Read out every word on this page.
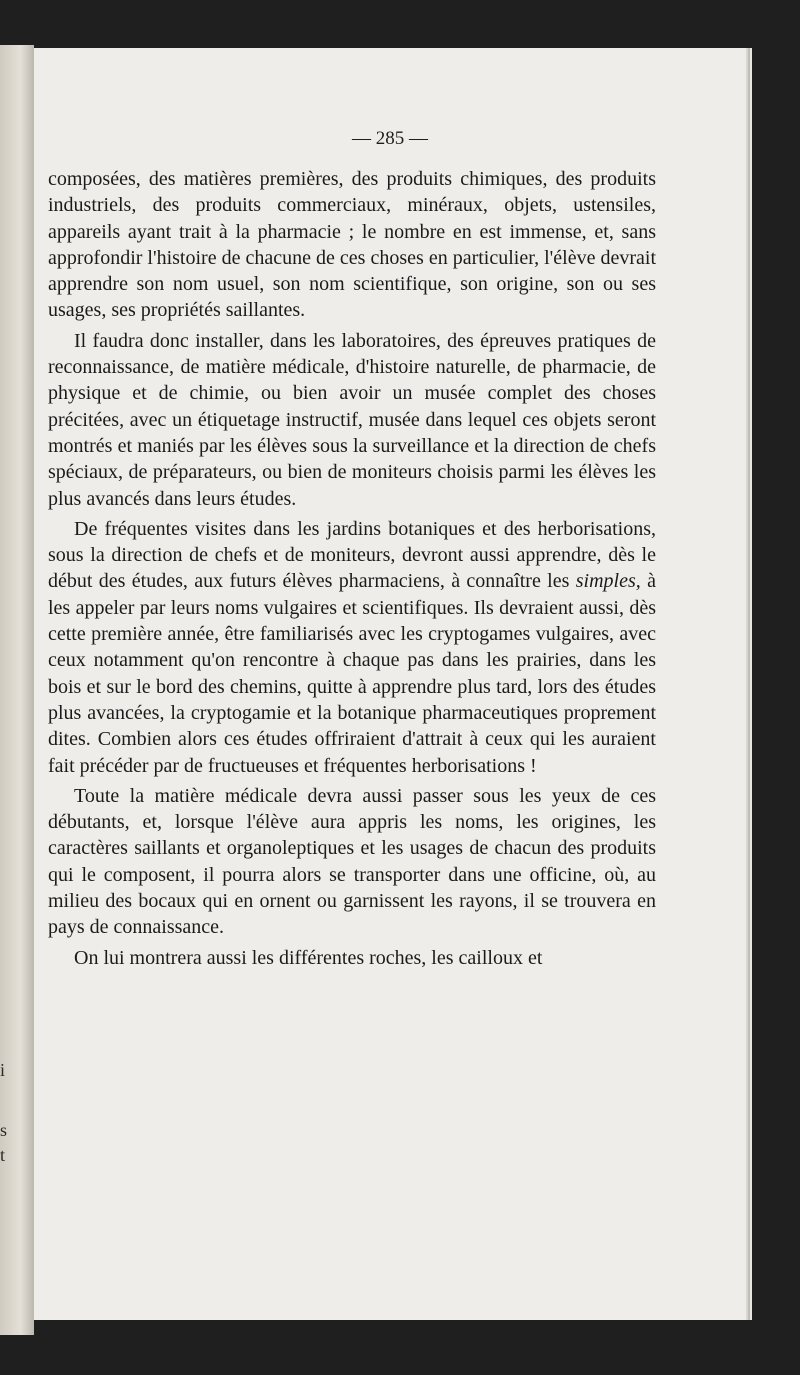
i
s
t
— 285 —

composées, des matières premières, des produits chimiques, des produits industriels, des produits commerciaux, minéraux, objets, ustensiles, appareils ayant trait à la pharmacie ; le nombre en est immense, et, sans approfondir l'histoire de chacune de ces choses en particulier, l'élève devrait apprendre son nom usuel, son nom scientifique, son origine, son ou ses usages, ses propriétés saillantes.

Il faudra donc installer, dans les laboratoires, des épreuves pratiques de reconnaissance, de matière médicale, d'histoire naturelle, de pharmacie, de physique et de chimie, ou bien avoir un musée complet des choses précitées, avec un étiquetage instructif, musée dans lequel ces objets seront montrés et maniés par les élèves sous la surveillance et la direction de chefs spéciaux, de préparateurs, ou bien de moniteurs choisis parmi les élèves les plus avancés dans leurs études.

De fréquentes visites dans les jardins botaniques et des herborisations, sous la direction de chefs et de moniteurs, devront aussi apprendre, dès le début des études, aux futurs élèves pharmaciens, à connaître les simples, à les appeler par leurs noms vulgaires et scientifiques. Ils devraient aussi, dès cette première année, être familiarisés avec les cryptogames vulgaires, avec ceux notamment qu'on rencontre à chaque pas dans les prairies, dans les bois et sur le bord des chemins, quitte à apprendre plus tard, lors des études plus avancées, la cryptogamie et la botanique pharmaceutiques proprement dites. Combien alors ces études offriraient d'attrait à ceux qui les auraient fait précéder par de fructueuses et fréquentes herborisations !

Toute la matière médicale devra aussi passer sous les yeux de ces débutants, et, lorsque l'élève aura appris les noms, les origines, les caractères saillants et organoleptiques et les usages de chacun des produits qui le composent, il pourra alors se transporter dans une officine, où, au milieu des bocaux qui en ornent ou garnissent les rayons, il se trouvera en pays de connaissance.

On lui montrera aussi les différentes roches, les cailloux et
